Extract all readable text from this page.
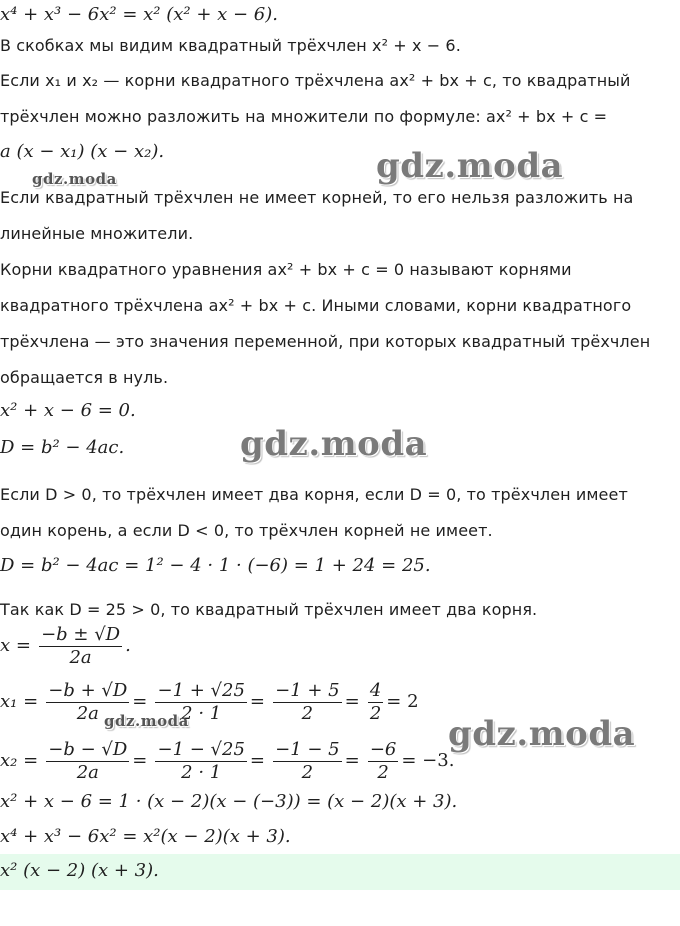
x⁴ + x³ − 6x² = x² (x² + x − 6).
В скобках мы видим квадратный трёхчлен x² + x − 6.
Если x₁ и x₂ — корни квадратного трёхчлена ax² + bx + c, то квадратный
трёхчлен можно разложить на множители по формуле: ax² + bx + c =
a (x − x₁) (x − x₂).
Если квадратный трёхчлен не имеет корней, то его нельзя разложить на
линейные множители.
Корни квадратного уравнения ax² + bx + c = 0 называют корнями
квадратного трёхчлена ax² + bx + c. Иными словами, корни квадратного
трёхчлена — это значения переменной, при которых квадратный трёхчлен
обращается в нуль.
x² + x − 6 = 0.
D = b² − 4ac.
Если D > 0, то трёхчлен имеет два корня, если D = 0, то трёхчлен имеет
один корень, а если D < 0, то трёхчлен корней не имеет.
D = b² − 4ac = 1² − 4 · 1 · (−6) = 1 + 24 = 25.
Так как D = 25 > 0, то квадратный трёхчлен имеет два корня.
$x = \frac{-b \pm √D}{2a}$ .
$x_1 = \frac{-b + √D}{2a} = \frac{-1 + √25}{2 \cdot 1} = \frac{-1 + 5}{2} = \frac{4}{2} = 2$
$x_2 = \frac{-b - √D}{2a} = \frac{-1 - √25}{2 \cdot 1} = \frac{-1 - 5}{2} = \frac{-6}{2} = -3$.
x² + x − 6 = 1 · (x − 2)(x − (−3)) = (x − 2)(x + 3).
x⁴ + x³ − 6x² = x²(x − 2)(x + 3).
x² (x − 2) (x + 3).
gdz.moda	gdz.moda
gdz.moda
gdz.moda	gdz.moda
